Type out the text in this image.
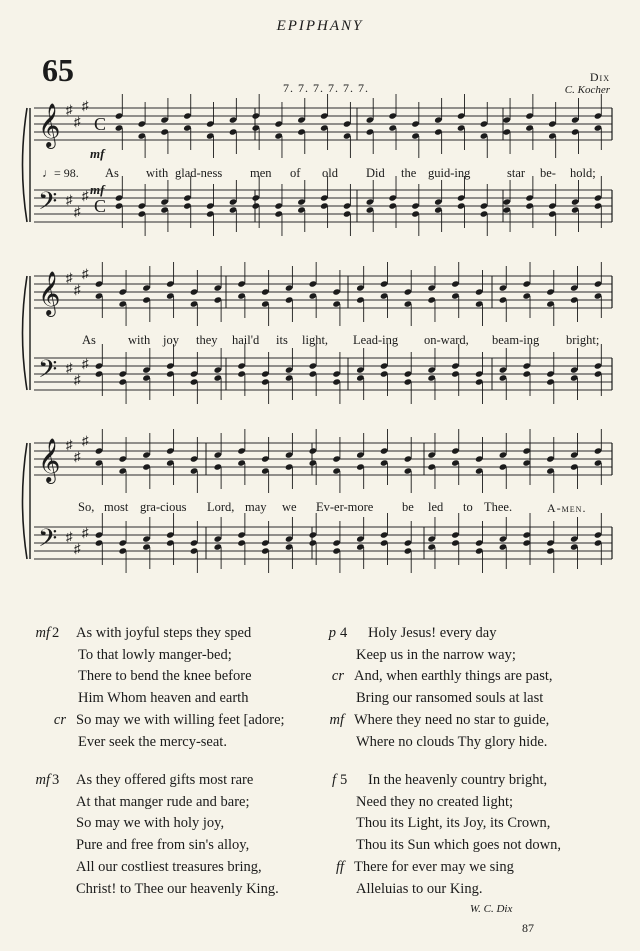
EPIPHANY
65	7. 7. 7. 7. 7. 7.
Dix
C. Kocher
𝄞 ♯
♯
♯
C
𝄢 ♯
♯
♯
C
𝄞 ♯
♯
♯
𝄢 ♯
♯
♯
𝄞 ♯
♯
♯
𝄢 ♯
♯
♯
mf
mf
♩= 98. As with glad-ness men of old Did the guid-ing	star be- hold;
As	with joy they hail'd its light, Lead-ing on-ward, beam-ing bright;
So, most gra-cious Lord, may we Ev-er-more be led to Thee.	A-men.
mf 2 As with joyful steps they sped
To that lowly manger-bed;
There to bend the knee before
Him Whom heaven and earth
cr So may we with willing feet [adore;
Ever seek the mercy-seat.
mf 3 As they offered gifts most rare
At that manger rude and bare;
So may we with holy joy,
Pure and free from sin's alloy,
All our costliest treasures bring,
Christ! to Thee our heavenly King.
p 4 Holy Jesus! every day
Keep us in the narrow way;
cr And, when earthly things are past,
Bring our ransomed souls at last
mf Where they need no star to guide,
Where no clouds Thy glory hide.
f 5 In the heavenly country bright,
Need they no created light;
Thou its Light, its Joy, its Crown,
Thou its Sun which goes not down,
ff There for ever may we sing
Alleluias to our King.
W. C. Dix
87
